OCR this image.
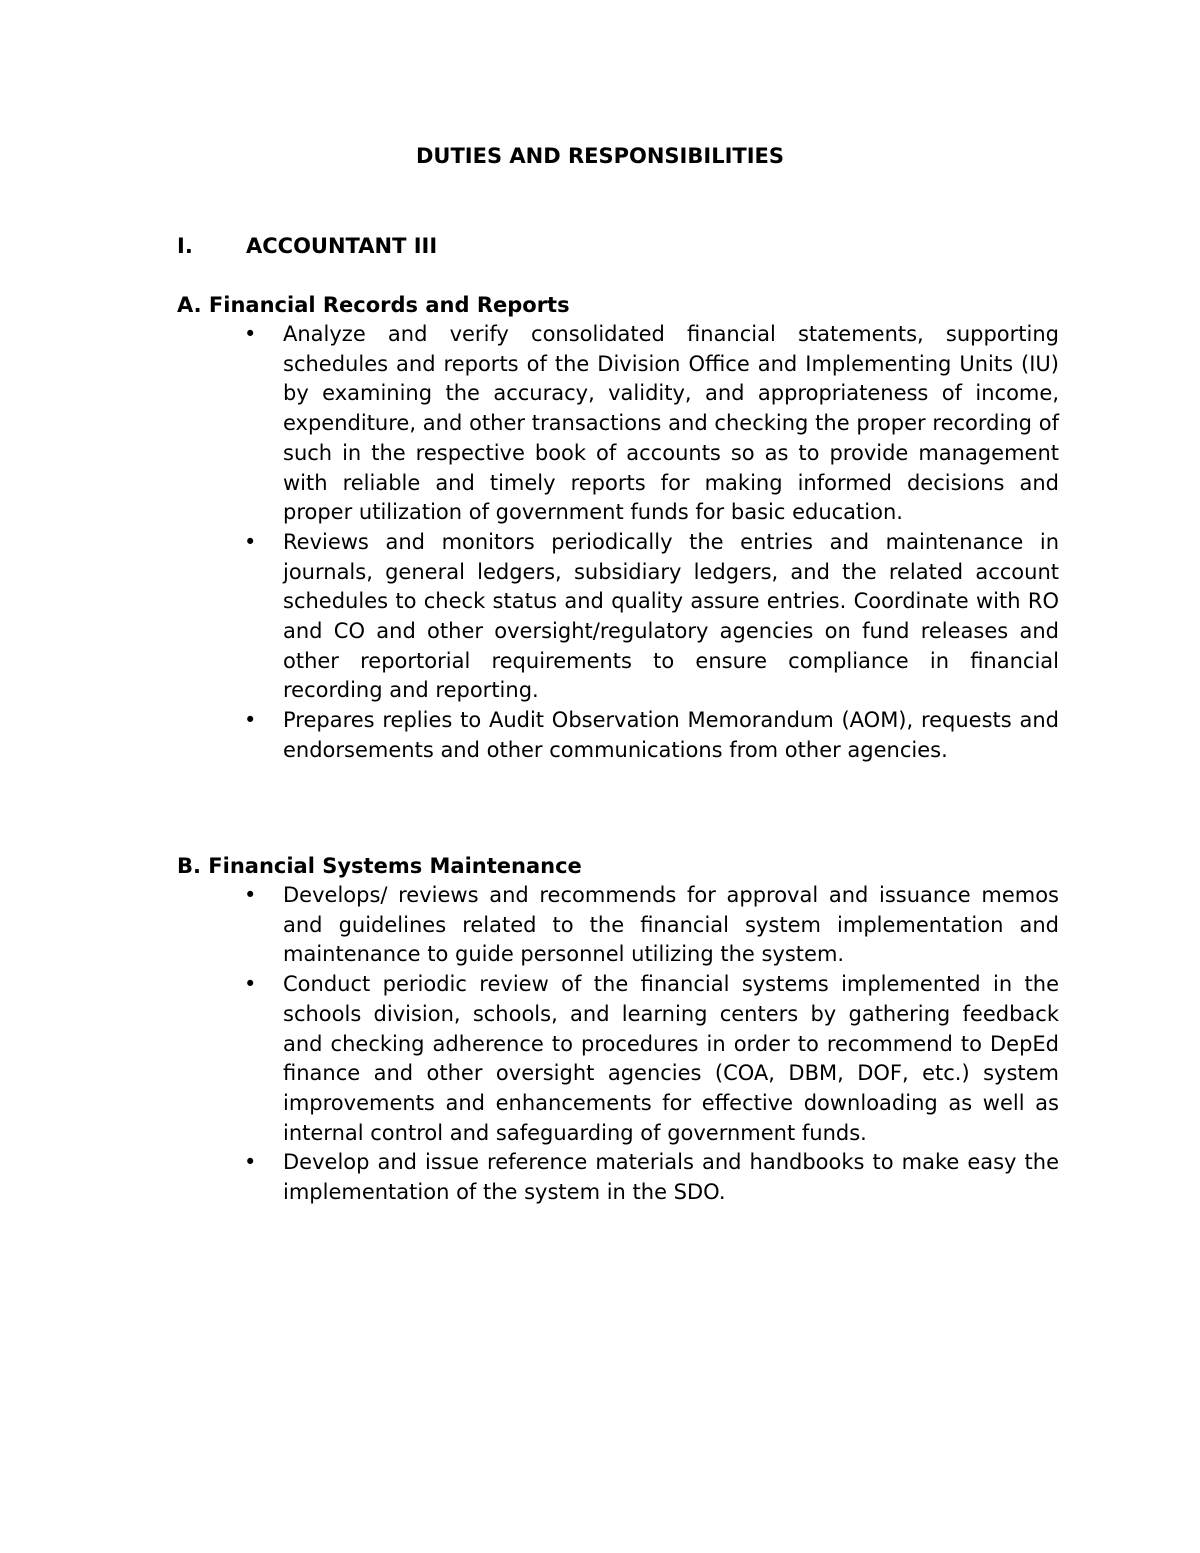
DUTIES AND RESPONSIBILITIES
I.	ACCOUNTANT III
A. Financial Records and Reports
• Analyze and verify consolidated financial statements, supporting schedules and reports of the Division Office and Implementing Units (IU) by examining the accuracy, validity, and appropriateness of income, expenditure, and other transactions and checking the proper recording of such in the respective book of accounts so as to provide management with reliable and timely reports for making informed decisions and proper utilization of government funds for basic education.
• Reviews and monitors periodically the entries and maintenance in journals, general ledgers, subsidiary ledgers, and the related account schedules to check status and quality assure entries. Coordinate with RO and CO and other oversight/regulatory agencies on fund releases and other reportorial requirements to ensure compliance in financial recording and reporting.
• Prepares replies to Audit Observation Memorandum (AOM), requests and endorsements and other communications from other agencies.
B. Financial Systems Maintenance
• Develops/ reviews and recommends for approval and issuance memos and guidelines related to the financial system implementation and maintenance to guide personnel utilizing the system.
• Conduct periodic review of the financial systems implemented in the schools division, schools, and learning centers by gathering feedback and checking adherence to procedures in order to recommend to DepEd finance and other oversight agencies (COA, DBM, DOF, etc.) system improvements and enhancements for effective downloading as well as internal control and safeguarding of government funds.
• Develop and issue reference materials and handbooks to make easy the implementation of the system in the SDO.
